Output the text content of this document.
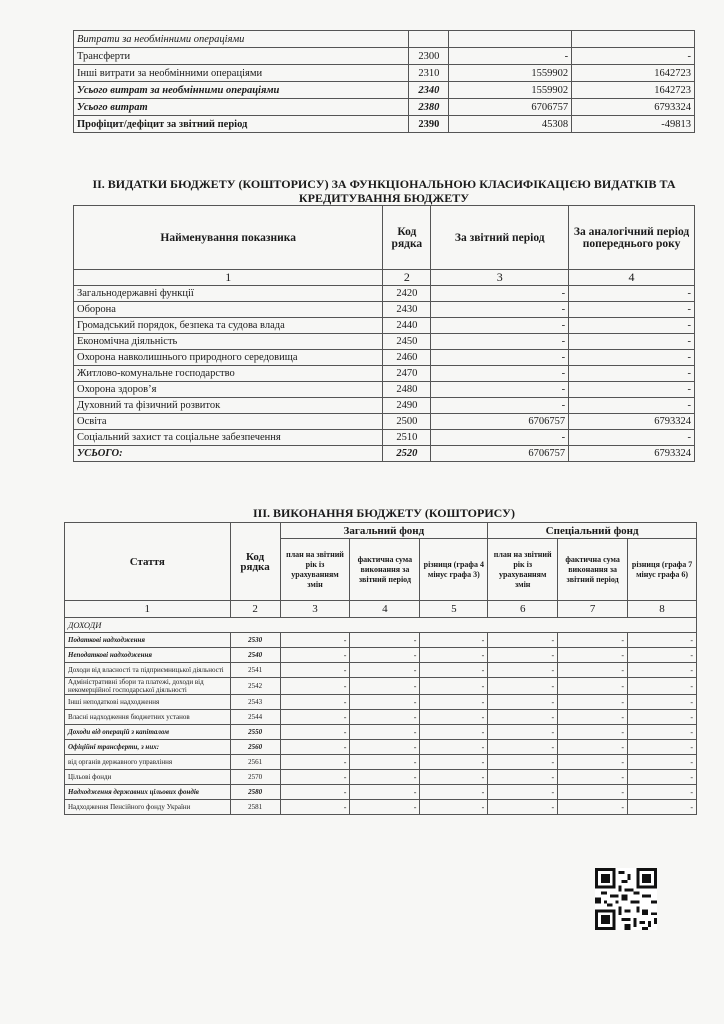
Витрати за необмінними операціями			
Трансферти	2300	-	-
Інші витрати за необмінними операціями	2310	1559902	1642723
Усього витрат за необмінними операціями	2340	1559902	1642723
Усього витрат	2380	6706757	6793324
Профіцит/дефіцит за звітний період	2390	45308	-49813
ІІ. ВИДАТКИ БЮДЖЕТУ (КОШТОРИСУ) ЗА ФУНКЦІОНАЛЬНОЮ КЛАСИФІКАЦІЄЮ ВИДАТКІВ ТА КРЕДИТУВАННЯ БЮДЖЕТУ
Найменування показника	Код рядка	За звітний період	За аналогічний період попереднього року
1	2	3	4
Загальнодержавні функції	2420	-	-
Оборона	2430	-	-
Громадський порядок, безпека та судова влада	2440	-	-
Економічна діяльність	2450	-	-
Охорона навколишнього природного середовища	2460	-	-
Житлово-комунальне господарство	2470	-	-
Охорона здоров’я	2480	-	-
Духовний та фізичний розвиток	2490	-	-
Освіта	2500	6706757	6793324
Соціальний захист та соціальне забезпечення	2510	-	-
УСЬОГО:	2520	6706757	6793324
ІІІ. ВИКОНАННЯ БЮДЖЕТУ (КОШТОРИСУ)
Стаття	Код рядка	Загальний фонд			Спеціальний фонд		
		план на звітний рік із урахуванням змін	фактична сума виконання за звітний період	різниця (графа 4 мінус графа 3)	план на звітний рік із урахуванням змін	фактична сума виконання за звітний період	різниця (графа 7 мінус графа 6)
1	2	3	4	5	6	7	8
ДОХОДИ							
Податкові надходження	2530	-	-	-	-	-	-
Неподаткові надходження	2540	-	-	-	-	-	-
Доходи від власності та підприємницької діяльності	2541	-	-	-	-	-	-
Адміністративні збори та платежі, доходи від некомерційної господарської діяльності	2542	-	-	-	-	-	-
Інші неподаткові надходження	2543	-	-	-	-	-	-
Власні надходження бюджетних установ	2544	-	-	-	-	-	-
Доходи від операцій з капіталом	2550	-	-	-	-	-	-
Офіційні трансферти, з них:	2560	-	-	-	-	-	-
від органів державного управління	2561	-	-	-	-	-	-
Цільові фонди	2570	-	-	-	-	-	-
Надходження державних цільових фондів	2580	-	-	-	-	-	-
Надходження Пенсійного фонду України	2581	-	-	-	-	-	-
